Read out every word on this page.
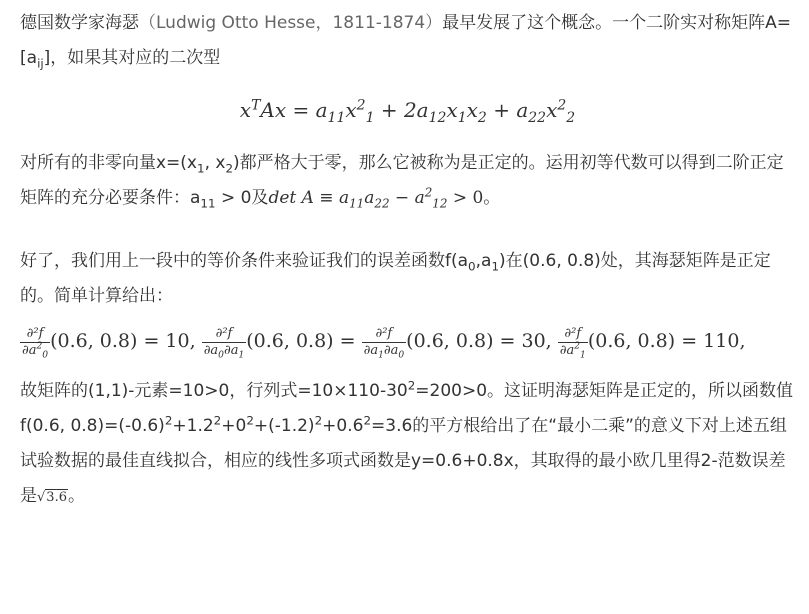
德国数学家海瑟（Ludwig Otto Hesse，1811-1874）最早发展了这个概念。一个二阶实对称矩阵$A=[a_{ij}]$，如果其对应的二次型

$x^TAx = a_{11}x^2_1 + 2a_{12}x_1x_2 + a_{22}x^2_2$

对所有的非零向量$x=(x_1$, $x_2$)都严格大于零，那么它被称为是正定的。运用初等代数可以得到二阶正定矩阵的充分必要条件：$a_{11} > 0$及$\det A \equiv a_{11}a_{22} - a^2_{12} > 0$。

好了，我们用上一段中的等价条件来验证我们的误差函数$f(a_0,a_1)$在(0.6, 0.8)处，其海瑟矩阵是正定的。简单计算给出：

$\frac{\text{∂²f}}{\partial a^2_0} (0.6$, 0.8) = 10, $\frac{\text{∂²f}}{\partial a_0\partial a_1} (0.6$, $0.8) = \frac{\text{∂²f}}{\partial a_1\partial a_0} (0.6$, 0.8) = 30, $\frac{\text{∂²f}}{\partial a^2_1} (0.6$, 0.8) = 110,

故矩阵的(1,1)-元素=10>0，行列式$=10\times 110-30^2=200>0$。这证明海瑟矩阵是正定的，所以函数值f(0.6, $0.8)=(-0.6)^2+1.2^2+0^2+(-1.2)^2+0.6^2=3.6$的平方根给出了在“最小二乘”的意义下对上述五组试验数据的最佳直线拟合，相应的线性多项式函数是y=0.6+0.8x，其取得的最小欧几里得2-范数误差是√3.6。
